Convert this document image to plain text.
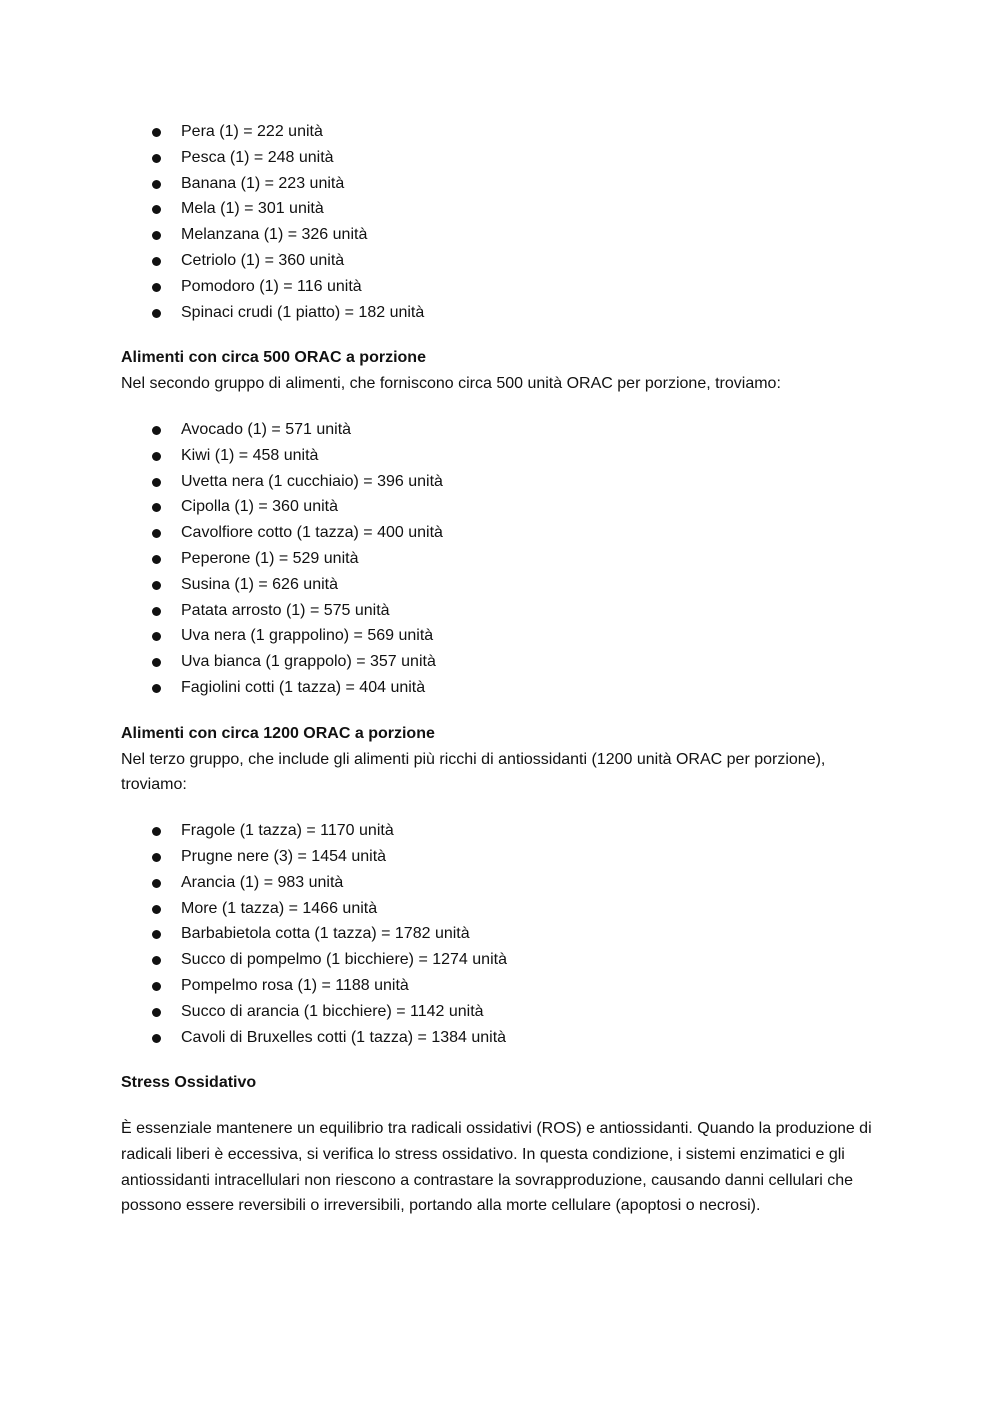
Pera (1) = 222 unità
Pesca (1) = 248 unità
Banana (1) = 223 unità
Mela (1) = 301 unità
Melanzana (1) = 326 unità
Cetriolo (1) = 360 unità
Pomodoro (1) = 116 unità
Spinaci crudi (1 piatto) = 182 unità

Alimenti con circa 500 ORAC a porzione

Nel secondo gruppo di alimenti, che forniscono circa 500 unità ORAC per porzione, troviamo:

Avocado (1) = 571 unità
Kiwi (1) = 458 unità
Uvetta nera (1 cucchiaio) = 396 unità
Cipolla (1) = 360 unità
Cavolfiore cotto (1 tazza) = 400 unità
Peperone (1) = 529 unità
Susina (1) = 626 unità
Patata arrosto (1) = 575 unità
Uva nera (1 grappolino) = 569 unità
Uva bianca (1 grappolo) = 357 unità
Fagiolini cotti (1 tazza) = 404 unità

Alimenti con circa 1200 ORAC a porzione

Nel terzo gruppo, che include gli alimenti più ricchi di antiossidanti (1200 unità ORAC per porzione), troviamo:

Fragole (1 tazza) = 1170 unità
Prugne nere (3) = 1454 unità
Arancia (1) = 983 unità
More (1 tazza) = 1466 unità
Barbabietola cotta (1 tazza) = 1782 unità
Succo di pompelmo (1 bicchiere) = 1274 unità
Pompelmo rosa (1) = 1188 unità
Succo di arancia (1 bicchiere) = 1142 unità
Cavoli di Bruxelles cotti (1 tazza) = 1384 unità

Stress Ossidativo

È essenziale mantenere un equilibrio tra radicali ossidativi (ROS) e antiossidanti. Quando la produzione di radicali liberi è eccessiva, si verifica lo stress ossidativo. In questa condizione, i sistemi enzimatici e gli antiossidanti intracellulari non riescono a contrastare la sovrapproduzione, causando danni cellulari che possono essere reversibili o irreversibili, portando alla morte cellulare (apoptosi o necrosi).
